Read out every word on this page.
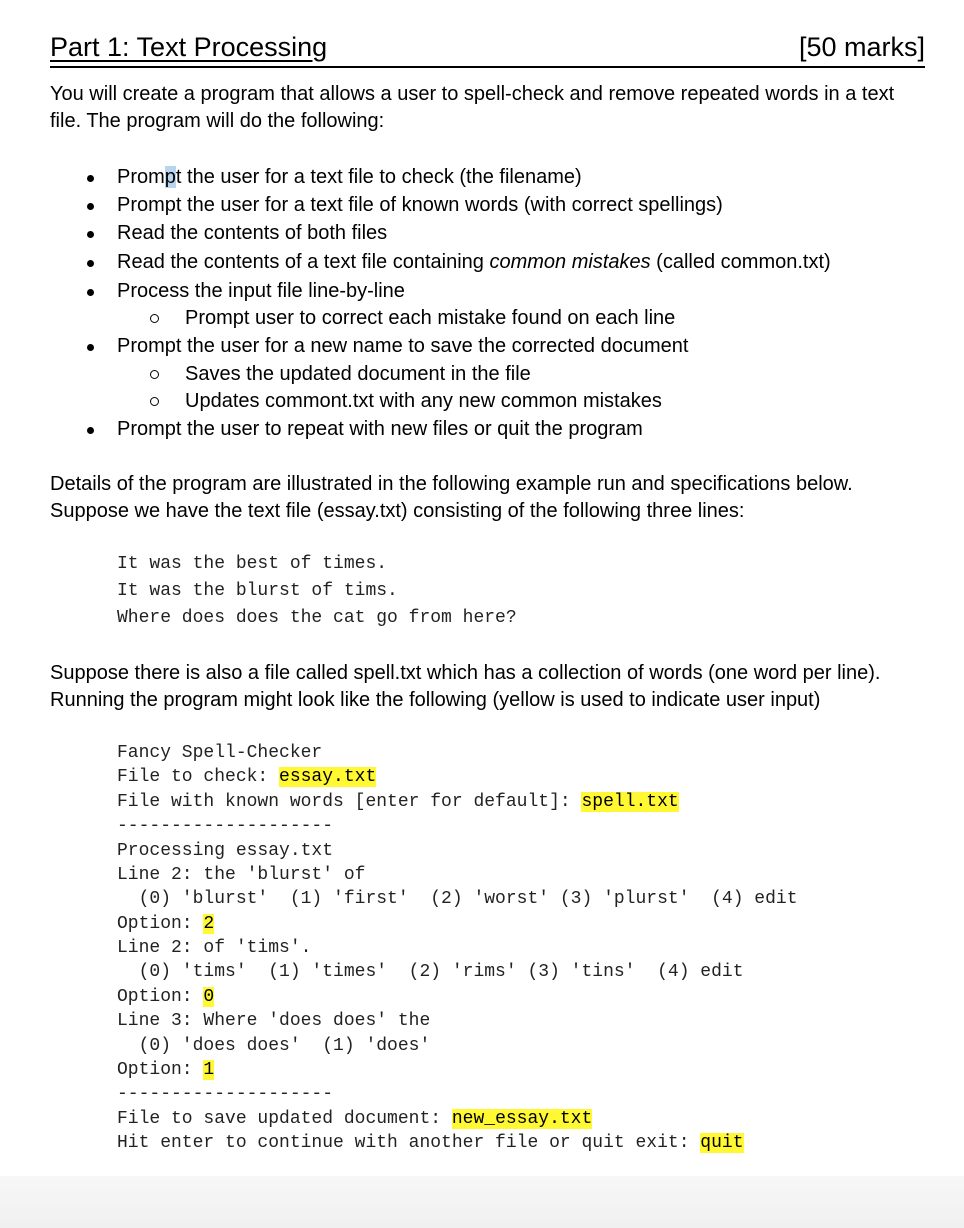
Part 1: Text Processing	[50 marks]
You will create a program that allows a user to spell-check and remove repeated words in a text
file. The program will do the following:
Prompt the user for a text file to check (the filename)
Prompt the user for a text file of known words (with correct spellings)
Read the contents of both files
Read the contents of a text file containing common mistakes (called common.txt)
Process the input file line-by-line
Prompt user to correct each mistake found on each line
Prompt the user for a new name to save the corrected document
Saves the updated document in the file
Updates commont.txt with any new common mistakes
Prompt the user to repeat with new files or quit the program
Details of the program are illustrated in the following example run and specifications below.
Suppose we have the text file (essay.txt) consisting of the following three lines:
It was the best of times.
It was the blurst of tims.
Where does does the cat go from here?
Suppose there is also a file called spell.txt which has a collection of words (one word per line).
Running the program might look like the following (yellow is used to indicate user input)
Fancy Spell-Checker
File to check: essay.txt
File with known words [enter for default]: spell.txt
--------------------
Processing essay.txt
Line 2: the 'blurst' of
(0) 'blurst'  (1) 'first'  (2) 'worst' (3) 'plurst'  (4) edit
Option: 2
Line 2: of 'tims'.
(0) 'tims'  (1) 'times'  (2) 'rims' (3) 'tins'  (4) edit
Option: 0
Line 3: Where 'does does' the
(0) 'does does'  (1) 'does'
Option: 1
--------------------
File to save updated document: new_essay.txt
Hit enter to continue with another file or quit exit: quit
